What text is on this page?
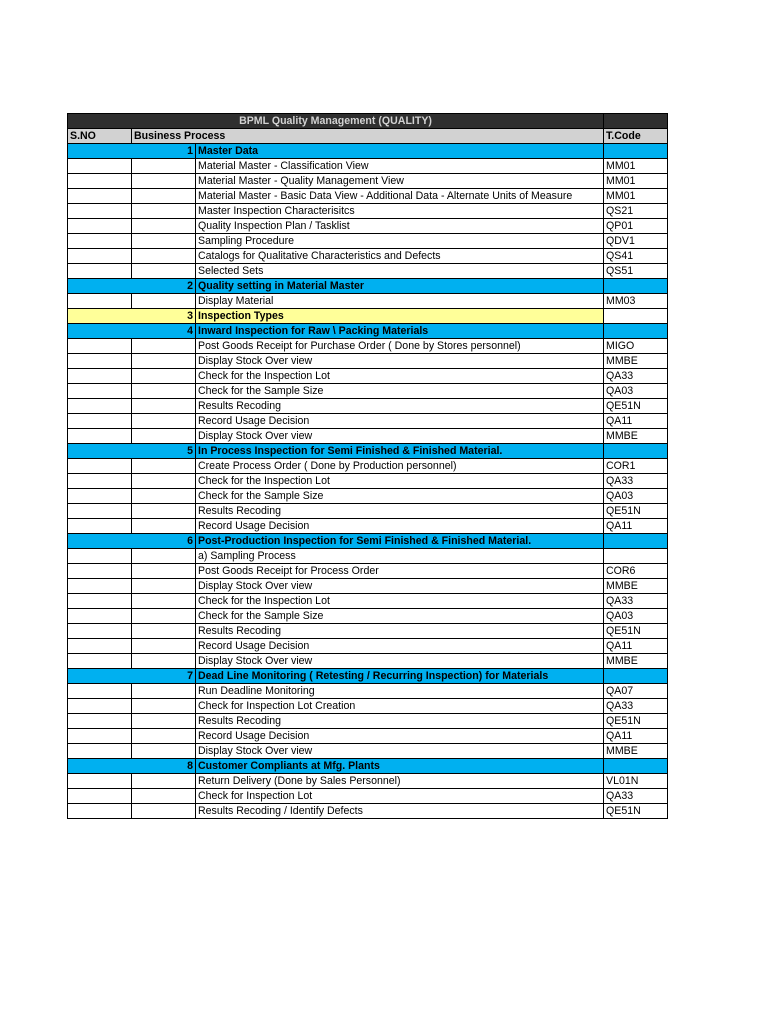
BPML Quality Management (QUALITY)			
S.NO	Business Process		T.Code
1		Master Data	
		Material Master - Classification View	MM01
		Material Master - Quality Management View	MM01
		Material Master - Basic Data View - Additional Data - Alternate Units of Measure	MM01
		Master Inspection Characterisitcs	QS21
		Quality Inspection Plan / Tasklist	QP01
		Sampling Procedure	QDV1
		Catalogs for Qualitative Characteristics and Defects	QS41
		Selected Sets	QS51
2		Quality setting in Material Master	
		Display Material	MM03
3		Inspection Types	
4		Inward Inspection for Raw \ Packing Materials	
		Post Goods Receipt for Purchase Order ( Done by Stores personnel)	MIGO
		Display Stock Over view	MMBE
		Check for the Inspection Lot	QA33
		Check for the Sample Size	QA03
		Results Recoding	QE51N
		Record Usage Decision	QA11
		Display Stock Over view	MMBE
5		In Process Inspection for Semi Finished & Finished Material.	
		Create Process Order ( Done by Production personnel)	COR1
		Check for the Inspection Lot	QA33
		Check for the Sample Size	QA03
		Results Recoding	QE51N
		Record Usage Decision	QA11
6		Post-Production Inspection for Semi Finished & Finished Material.	
		a) Sampling Process	
		Post Goods Receipt for Process Order	COR6
		Display Stock Over view	MMBE
		Check for the Inspection Lot	QA33
		Check for the Sample Size	QA03
		Results Recoding	QE51N
		Record Usage Decision	QA11
		Display Stock Over view	MMBE
7		Dead Line Monitoring ( Retesting / Recurring Inspection) for Materials	
		Run Deadline Monitoring	QA07
		Check for Inspection Lot Creation	QA33
		Results Recoding	QE51N
		Record Usage Decision	QA11
		Display Stock Over view	MMBE
8		Customer Compliants at Mfg. Plants	
		Return Delivery (Done by Sales Personnel)	VL01N
		Check for Inspection Lot	QA33
		Results Recoding / Identify Defects	QE51N
